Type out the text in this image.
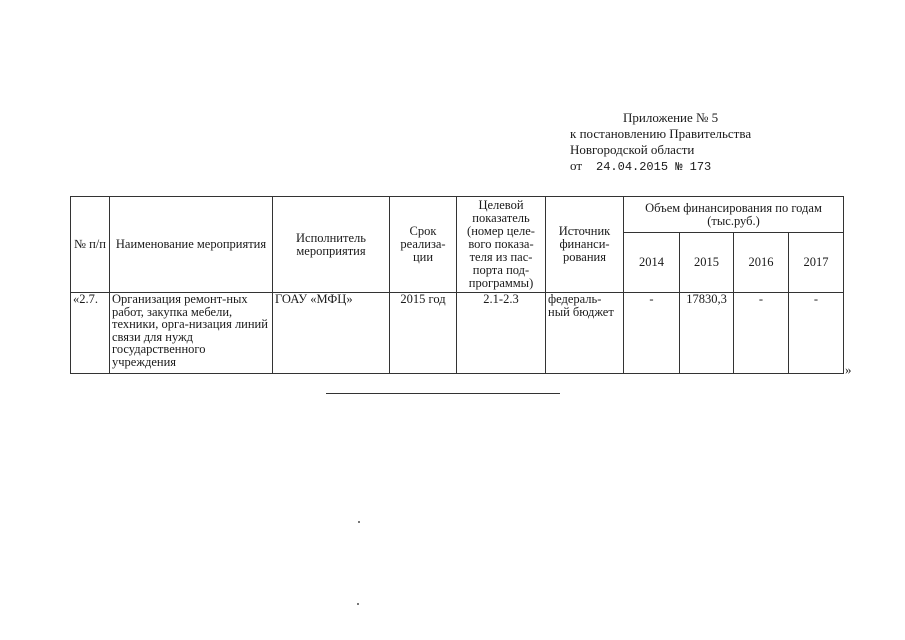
Приложение № 5
к постановлению Правительства
Новгородской области
от 24.04.2015 № 173
№ п/п	Наименование мероприятия	Исполнитель мероприятия	Срок реализа-ции	Целевой показатель (номер целе-вого показа-теля из пас-порта под-программы)	Источник финанси-рования	Объем финансирования по годам (тыс.руб.)			
						2014	2015	2016	2017
«2.7.	Организация ремонт-ных работ, закупка мебели, техники, орга-низация линий связи для нужд государственного учреждения	ГОАУ «МФЦ»	2015 год	2.1-2.3	федераль-ный бюджет	-	17830,3	-	-
»
